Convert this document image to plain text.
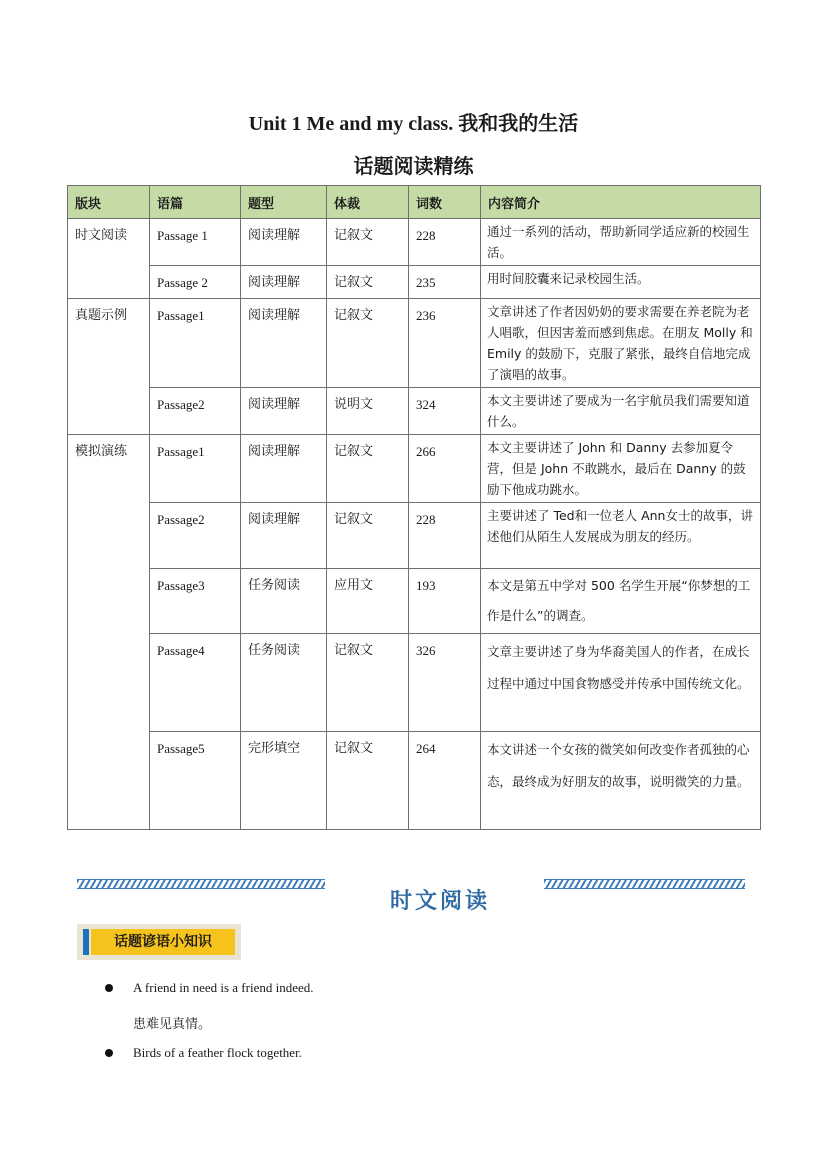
Unit 1 Me and my class. 我和我的生活
话题阅读精练
版块	语篇	题型	体裁	词数	内容简介
时文阅读	Passage 1	阅读理解	记叙文	228	通过一系列的活动，帮助新同学适应新的校园生活。
	Passage 2	阅读理解	记叙文	235	用时间胶囊来记录校园生活。
真题示例	Passage1	阅读理解	记叙文	236	文章讲述了作者因奶奶的要求需要在养老院为老人唱歌，但因害羞而感到焦虑。在朋友 Molly 和 Emily 的鼓励下，克服了紧张，最终自信地完成了演唱的故事。
	Passage2	阅读理解	说明文	324	本文主要讲述了要成为一名宇航员我们需要知道什么。
模拟演练	Passage1	阅读理解	记叙文	266	本文主要讲述了 John 和 Danny 去参加夏令营，但是 John 不敢跳水，最后在 Danny 的鼓励下他成功跳水。
	Passage2	阅读理解	记叙文	228	主要讲述了 Ted和一位老人 Ann女士的故事，讲述他们从陌生人发展成为朋友的经历。
	Passage3	任务阅读	应用文	193	本文是第五中学对 500 名学生开展“你梦想的工作是什么”的调查。
	Passage4	任务阅读	记叙文	326	文章主要讲述了身为华裔美国人的作者，在成长过程中通过中国食物感受并传承中国传统文化。
	Passage5	完形填空	记叙文	264	本文讲述一个女孩的微笑如何改变作者孤独的心态，最终成为好朋友的故事，说明微笑的力量。
时文阅读
话题谚语小知识
A friend in need is a friend indeed.
患难见真情。
Birds of a feather flock together.
